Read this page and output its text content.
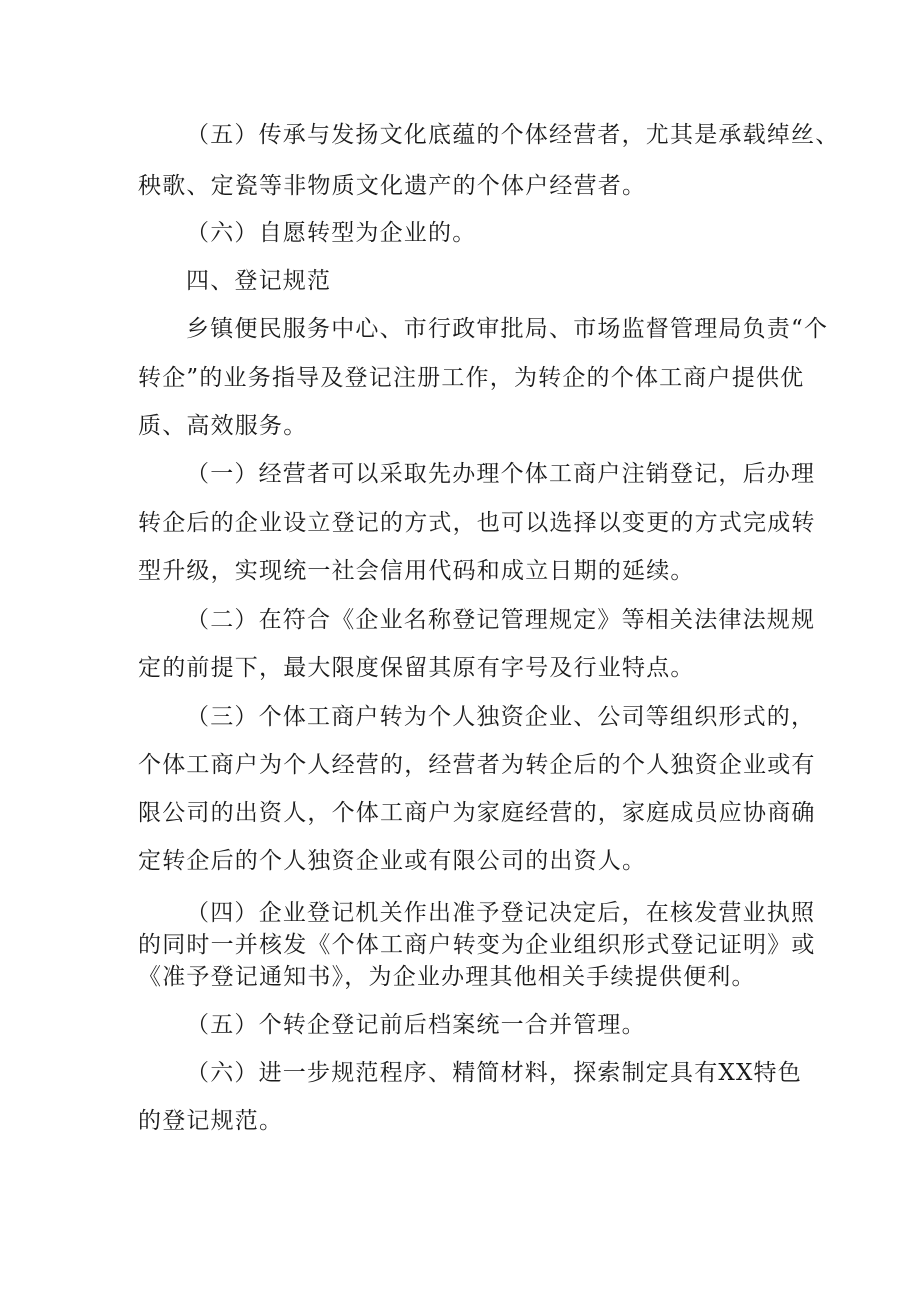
（五）传承与发扬文化底蕴的个体经营者，尤其是承载绰丝、
秧歌、定瓷等非物质文化遗产的个体户经营者。
（六）自愿转型为企业的。
四、登记规范
乡镇便民服务中心、市行政审批局、市场监督管理局负责“个
转企”的业务指导及登记注册工作，为转企的个体工商户提供优
质、高效服务。
（一）经营者可以采取先办理个体工商户注销登记，后办理
转企后的企业设立登记的方式，也可以选择以变更的方式完成转
型升级，实现统一社会信用代码和成立日期的延续。
（二）在符合《企业名称登记管理规定》等相关法律法规规
定的前提下，最大限度保留其原有字号及行业特点。
（三）个体工商户转为个人独资企业、公司等组织形式的，
个体工商户为个人经营的，经营者为转企后的个人独资企业或有
限公司的出资人，个体工商户为家庭经营的，家庭成员应协商确
定转企后的个人独资企业或有限公司的出资人。
（四）企业登记机关作出准予登记决定后，在核发营业执照
的同时一并核发《个体工商户转变为企业组织形式登记证明》或
《准予登记通知书》，为企业办理其他相关手续提供便利。
（五）个转企登记前后档案统一合并管理。
（六）进一步规范程序、精简材料，探索制定具有XX特色
的登记规范。
